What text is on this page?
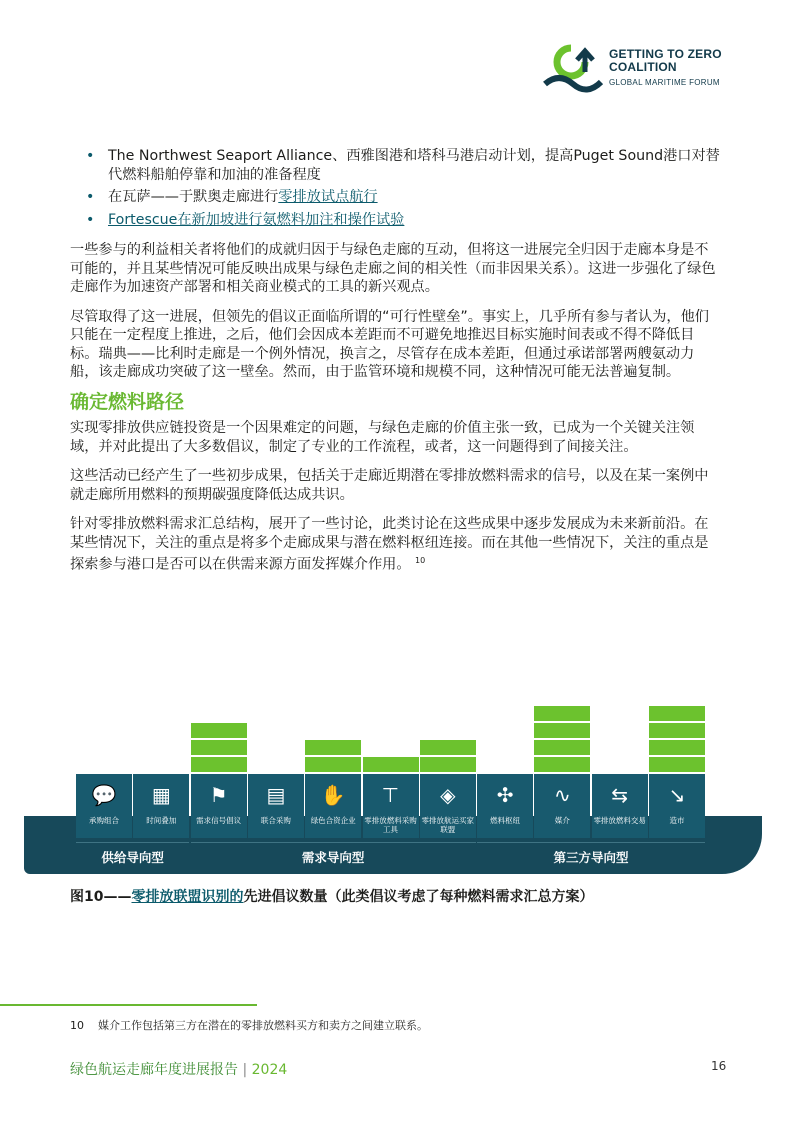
GETTING TO ZERO
COALITION
GLOBAL MARITIME FORUM
• The Northwest Seaport Alliance、西雅图港和塔科马港启动计划，提高Puget Sound港口对替代燃料船舶停靠和加油的准备程度
• 在瓦萨——于默奥走廊进行零排放试点航行
• Fortescue在新加坡进行氨燃料加注和操作试验

一些参与的利益相关者将他们的成就归因于与绿色走廊的互动，但将这一进展完全归因于走廊本身是不可能的，并且某些情况可能反映出成果与绿色走廊之间的相关性（而非因果关系）。这进一步强化了绿色走廊作为加速资产部署和相关商业模式的工具的新兴观点。

尽管取得了这一进展，但领先的倡议正面临所谓的“可行性壁垒”。事实上，几乎所有参与者认为，他们只能在一定程度上推进，之后，他们会因成本差距而不可避免地推迟目标实施时间表或不得不降低目标。瑞典——比利时走廊是一个例外情况，换言之，尽管存在成本差距，但通过承诺部署两艘氨动力船，该走廊成功突破了这一壁垒。然而，由于监管环境和规模不同，这种情况可能无法普遍复制。

确定燃料路径

实现零排放供应链投资是一个因果难定的问题，与绿色走廊的价值主张一致，已成为一个关键关注领域，并对此提出了大多数倡议，制定了专业的工作流程，或者，这一问题得到了间接关注。

这些活动已经产生了一些初步成果，包括关于走廊近期潜在零排放燃料需求的信号，以及在某一案例中就走廊所用燃料的预期碳强度降低达成共识。

针对零排放燃料需求汇总结构，展开了一些讨论，此类讨论在这些成果中逐步发展成为未来新前沿。在某些情况下，关注的重点是将多个走廊成果与潜在燃料枢纽连接。而在其他一些情况下，关注的重点是探索参与港口是否可以在供需来源方面发挥媒介作用。 $^{10}$

💬
承购组合
▦
时间叠加
⚑
需求信号倡议
▤
联合采购
✋
绿色合资企业
⊤
零排放燃料采购工具
◈
零排放航运买家联盟
✣
燃料枢纽
∿
媒介
⇆
零排放燃料交易
↘
造市
供给导向型	需求导向型	第三方导向型
图10——零排放联盟识别的先进倡议数量（此类倡议考虑了每种燃料需求汇总方案）
10 媒介工作包括第三方在潜在的零排放燃料买方和卖方之间建立联系。
绿色航运走廊年度进展报告 | 2024	16
